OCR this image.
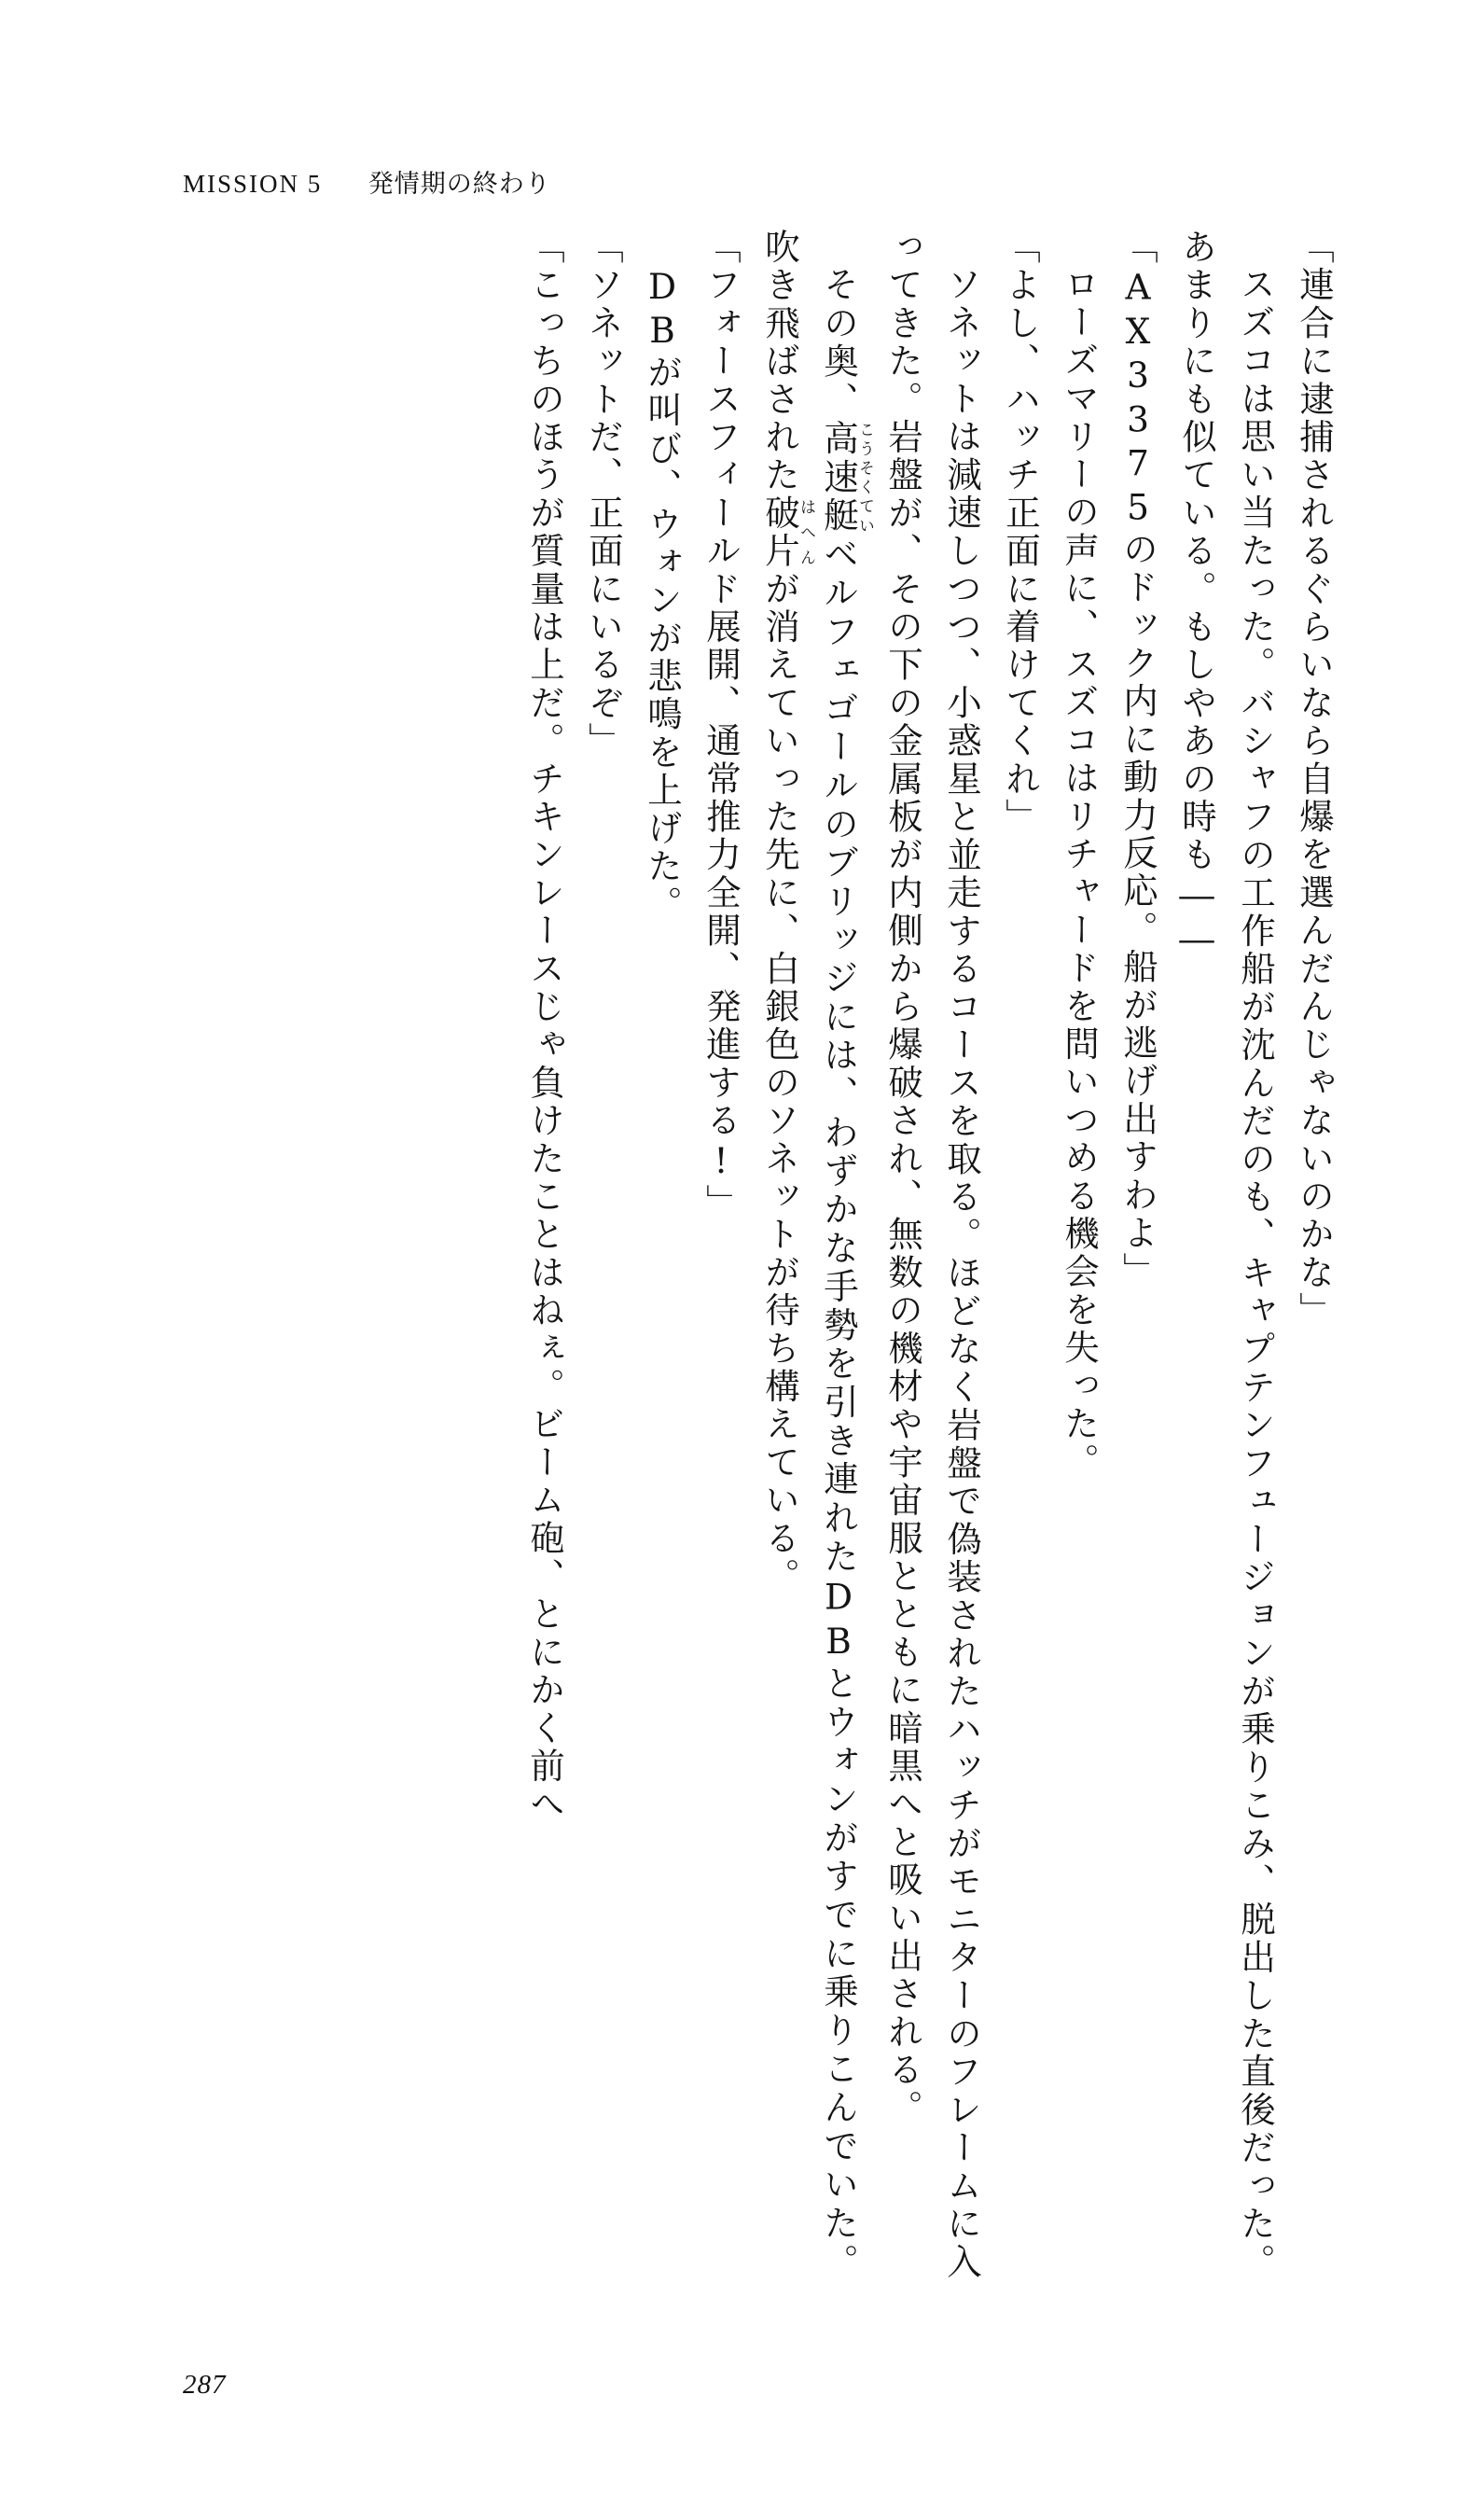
MISSION 5 発情期の終わり

「連合に逮捕されるぐらいなら自爆を選んだんじゃないのかな」

スズコは思い当たった。バシャフの工作船が沈んだのも、キャプテンフュージョンが乗りこみ、脱出した直後だった。あまりにも似ている。もしやあの時も――

「AX3375のドック内に動力反応。船が逃げ出すわよ」

ローズマリーの声に、スズコはリチャードを問いつめる機会を失った。

「よし、ハッチ正面に着けてくれ」

ソネットは減速しつつ、小惑星と並走するコースを取る。ほどなく岩盤で偽装されたハッチがモニターのフレームに入ってきた。岩盤が、その下の金属板が内側から爆破され、無数の機材や宇宙服とともに暗黒へと吸い出される。

その奥、高速艇こうそくていベルフェゴールのブリッジには、わずかな手勢を引き連れたDBとウォンがすでに乗りこんでいた。吹き飛ばされた破片はへんが消えていった先に、白銀色のソネットが待ち構えている。

「フォースフィールド展開、通常推力全開、発進する!」

DBが叫び、ウォンが悲鳴を上げた。

「ソネットだ、正面にいるぞ」

「こっちのほうが質量は上だ。チキンレースじゃ負けたことはねぇ。ビーム砲、とにかく前へ

287
